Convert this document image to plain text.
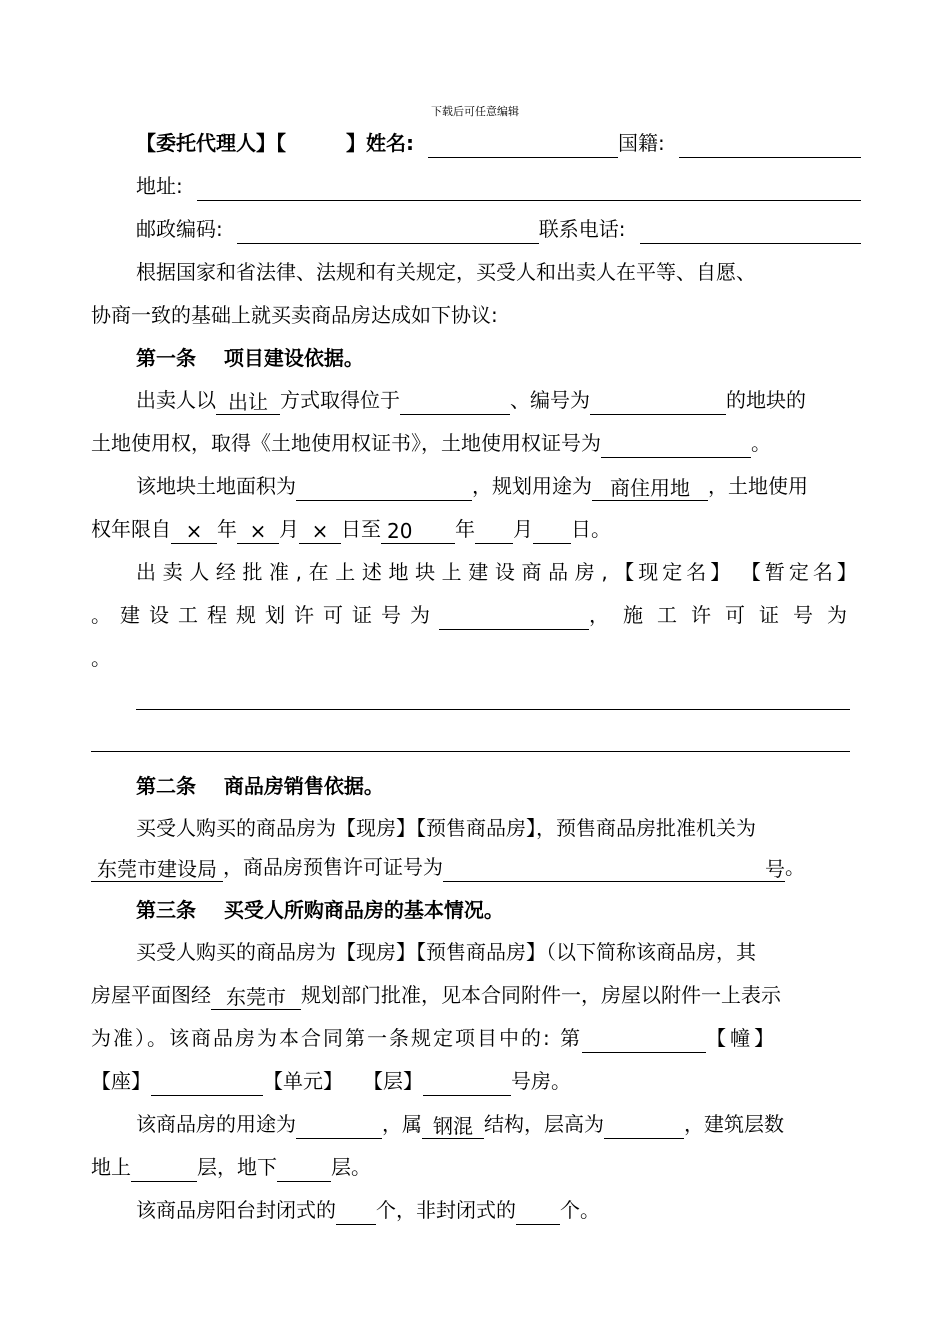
下载后可任意编辑
【委托代理人】【	】姓名:	国籍:
地址:
邮政编码:	联系电话:
根据国家和省法律、法规和有关规定，买受人和出卖人在平等、自愿、
协商一致的基础上就买卖商品房达成如下协议:
第一条    项目建设依据。
出卖人以 出让 方式取得位于	、编号为	的地块的
土地使用权，取得《土地使用权证书》，土地使用权证号为	。
该地块土地面积为	，规划用途为 商住用地 ，土地使用
权年限自 × 年 × 月 × 日至 20	年 月 日。
出 卖 人 经 批 准 , 在 上 述 地 块 上 建 设 商 品 房 , 【现定名】 【暂定名】
。建设工程规划许可证号为	，施工许可证号为
。
第二条    商品房销售依据。
买受人购买的商品房为【现房】【预售商品房】，预售商品房批准机关为
东莞市建设局 ，商品房预售许可证号为	号 。
第三条    买受人所购商品房的基本情况。
买受人购买的商品房为【现房】【预售商品房】（以下简称该商品房，其
房屋平面图经 东莞市 规划部门批准，见本合同附件一，房屋以附件一上表示
为准）。该商品房为本合同第一条规定项目中的: 第	【幢】
【座】	【单元】 【层】	号房。
该商品房的用途为	，属 钢混 结构，层高为	，建筑层数
地上	层，地下	层。
该商品房阳台封闭式的 个，非封闭式的 个。
